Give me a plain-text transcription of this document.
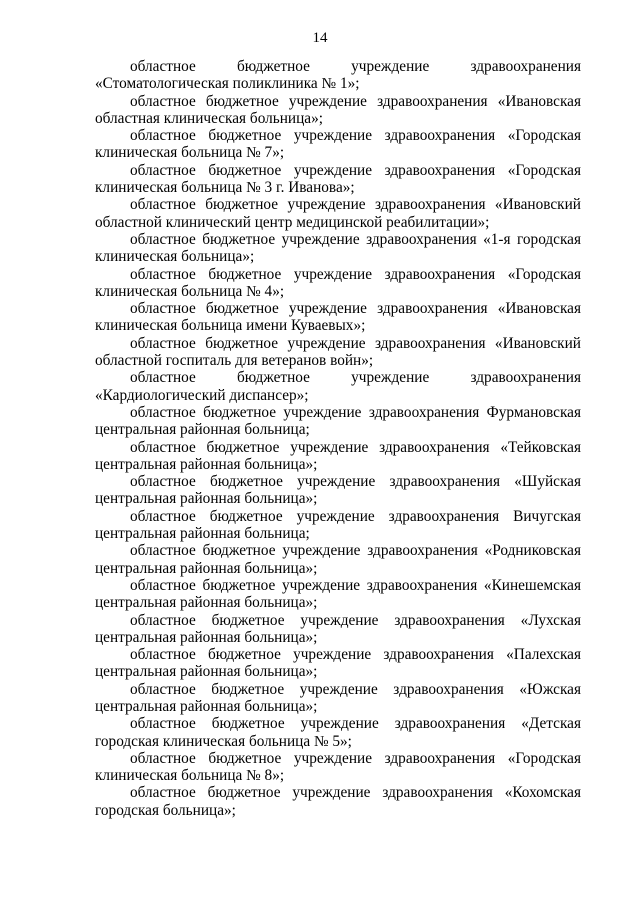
14

областное бюджетное учреждение здравоохранения «Стоматологическая поликлиника № 1»;

областное бюджетное учреждение здравоохранения «Ивановская областная клиническая больница»;

областное бюджетное учреждение здравоохранения «Городская клиническая больница № 7»;

областное бюджетное учреждение здравоохранения «Городская клиническая больница № 3 г. Иванова»;

областное бюджетное учреждение здравоохранения «Ивановский областной клинический центр медицинской реабилитации»;

областное бюджетное учреждение здравоохранения «1-я городская клиническая больница»;

областное бюджетное учреждение здравоохранения «Городская клиническая больница № 4»;

областное бюджетное учреждение здравоохранения «Ивановская клиническая больница имени Куваевых»;

областное бюджетное учреждение здравоохранения «Ивановский областной госпиталь для ветеранов войн»;

областное бюджетное учреждение здравоохранения «Кардиологический диспансер»;

областное бюджетное учреждение здравоохранения Фурмановская центральная районная больница;

областное бюджетное учреждение здравоохранения «Тейковская центральная районная больница»;

областное бюджетное учреждение здравоохранения «Шуйская центральная районная больница»;

областное бюджетное учреждение здравоохранения Вичугская центральная районная больница;

областное бюджетное учреждение здравоохранения «Родниковская центральная районная больница»;

областное бюджетное учреждение здравоохранения «Кинешемская центральная районная больница»;

областное бюджетное учреждение здравоохранения «Лухская центральная районная больница»;

областное бюджетное учреждение здравоохранения «Палехская центральная районная больница»;

областное бюджетное учреждение здравоохранения «Южская центральная районная больница»;

областное бюджетное учреждение здравоохранения «Детская городская клиническая больница № 5»;

областное бюджетное учреждение здравоохранения «Городская клиническая больница № 8»;

областное бюджетное учреждение здравоохранения «Кохомская городская больница»;
